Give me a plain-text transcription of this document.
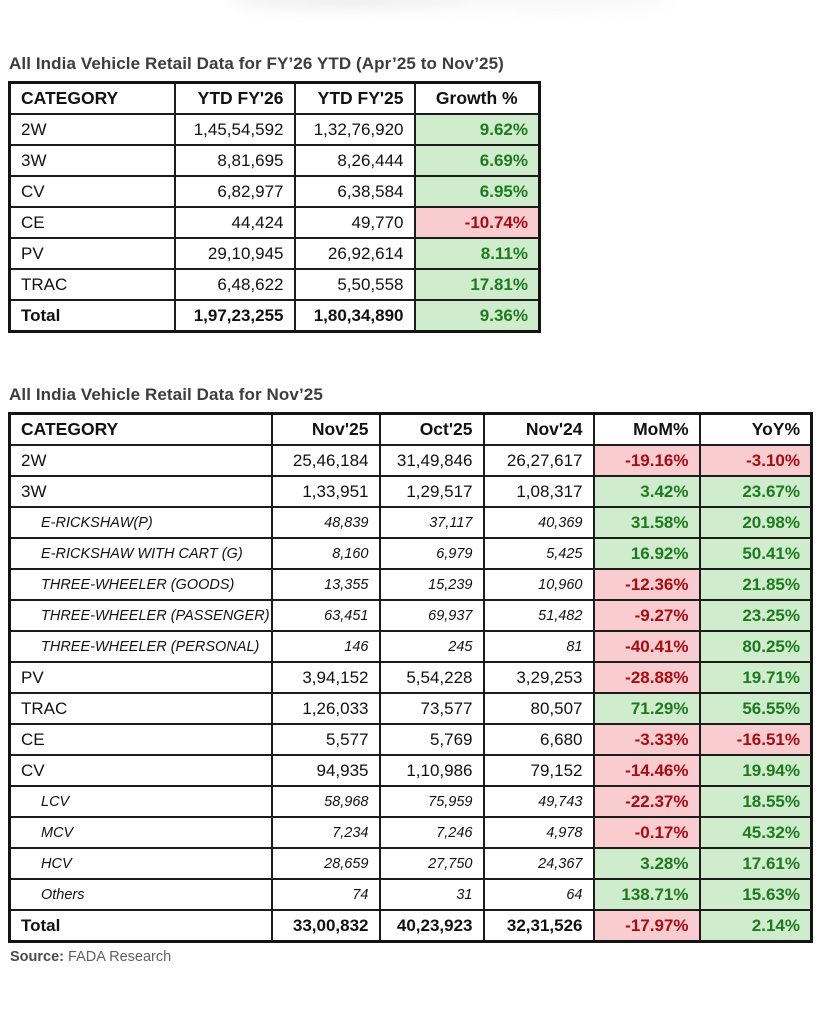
All India Vehicle Retail Data for FY’26 YTD (Apr’25 to Nov’25)
CATEGORY	YTD FY'26	YTD FY'25	Growth %
2W	1,45,54,592	1,32,76,920	9.62%
3W	8,81,695	8,26,444	6.69%
CV	6,82,977	6,38,584	6.95%
CE	44,424	49,770	-10.74%
PV	29,10,945	26,92,614	8.11%
TRAC	6,48,622	5,50,558	17.81%
Total	1,97,23,255	1,80,34,890	9.36%
All India Vehicle Retail Data for Nov’25
CATEGORY	Nov'25	Oct'25	Nov'24	MoM%	YoY%
2W	25,46,184	31,49,846	26,27,617	-19.16%	-3.10%
3W	1,33,951	1,29,517	1,08,317	3.42%	23.67%
E-RICKSHAW(P)	48,839	37,117	40,369	31.58%	20.98%
E-RICKSHAW WITH CART (G)	8,160	6,979	5,425	16.92%	50.41%
THREE-WHEELER (GOODS)	13,355	15,239	10,960	-12.36%	21.85%
THREE-WHEELER (PASSENGER)	63,451	69,937	51,482	-9.27%	23.25%
THREE-WHEELER (PERSONAL)	146	245	81	-40.41%	80.25%
PV	3,94,152	5,54,228	3,29,253	-28.88%	19.71%
TRAC	1,26,033	73,577	80,507	71.29%	56.55%
CE	5,577	5,769	6,680	-3.33%	-16.51%
CV	94,935	1,10,986	79,152	-14.46%	19.94%
LCV	58,968	75,959	49,743	-22.37%	18.55%
MCV	7,234	7,246	4,978	-0.17%	45.32%
HCV	28,659	27,750	24,367	3.28%	17.61%
Others	74	31	64	138.71%	15.63%
Total	33,00,832	40,23,923	32,31,526	-17.97%	2.14%
Source: FADA Research
